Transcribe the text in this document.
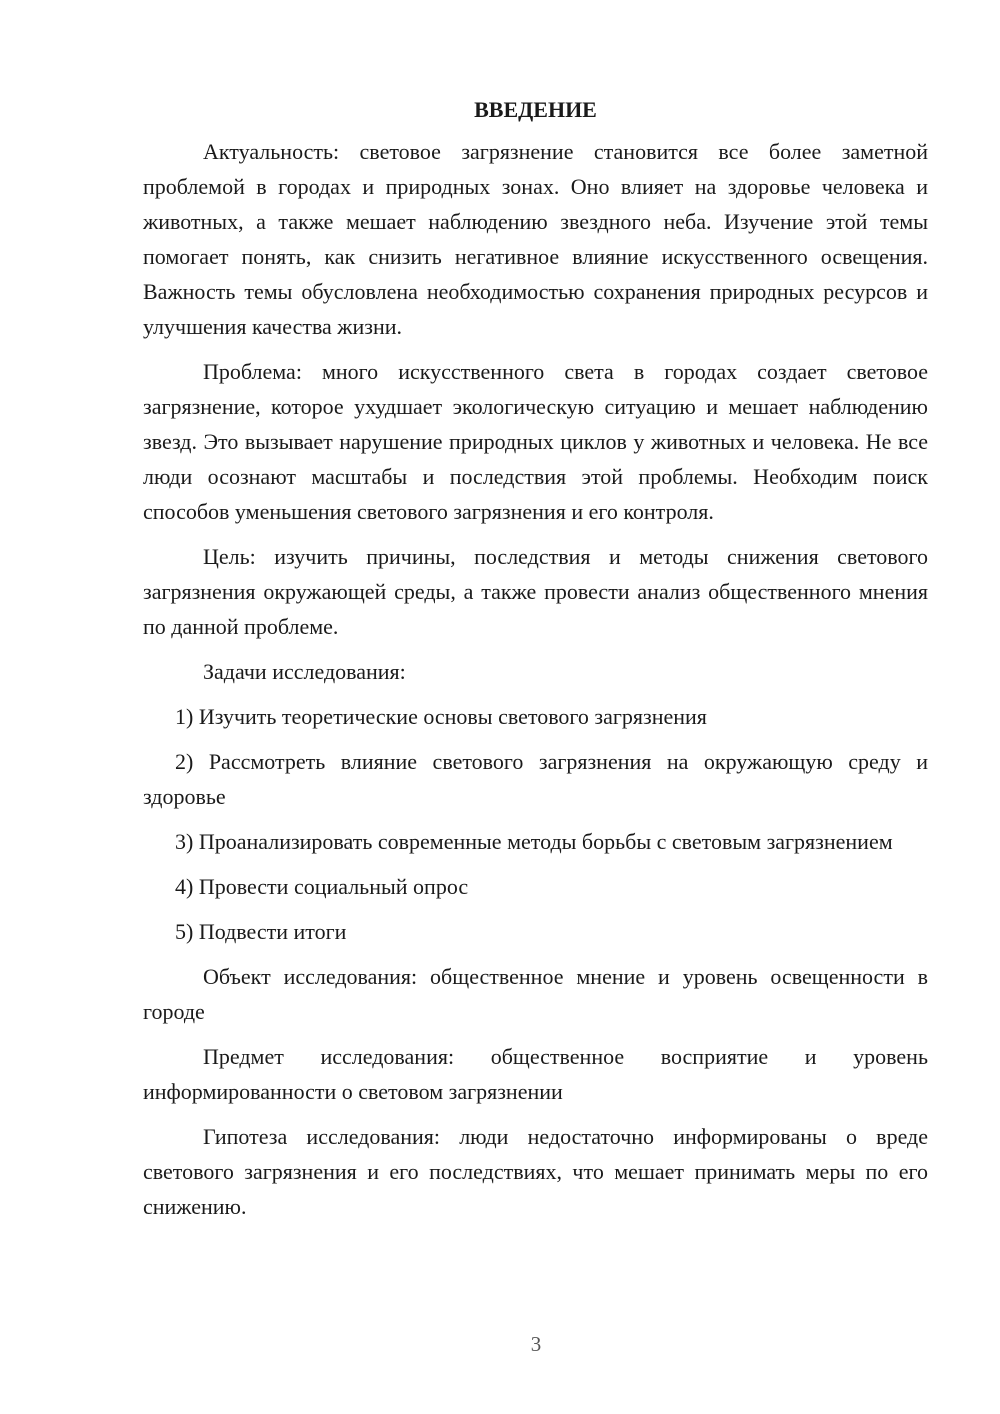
ВВЕДЕНИЕ

Актуальность: световое загрязнение становится все более заметной проблемой в городах и природных зонах. Оно влияет на здоровье человека и животных, а также мешает наблюдению звездного неба. Изучение этой темы помогает понять, как снизить негативное влияние искусственного освещения. Важность темы обусловлена необходимостью сохранения природных ресурсов и улучшения качества жизни.

Проблема: много искусственного света в городах создает световое загрязнение, которое ухудшает экологическую ситуацию и мешает наблюдению звезд. Это вызывает нарушение природных циклов у животных и человека. Не все люди осознают масштабы и последствия этой проблемы. Необходим поиск способов уменьшения светового загрязнения и его контроля.

Цель: изучить причины, последствия и методы снижения светового загрязнения окружающей среды, а также провести анализ общественного мнения по данной проблеме.

Задачи исследования:

1) Изучить теоретические основы светового загрязнения

2) Рассмотреть влияние светового загрязнения на окружающую среду и здоровье

3) Проанализировать современные методы борьбы с световым загрязнением

4) Провести социальный опрос

5) Подвести итоги

Объект исследования: общественное мнение и уровень освещенности в городе

Предмет исследования: общественное восприятие и уровень информированности о световом загрязнении

Гипотеза исследования: люди недостаточно информированы о вреде светового загрязнения и его последствиях, что мешает принимать меры по его снижению.

3
